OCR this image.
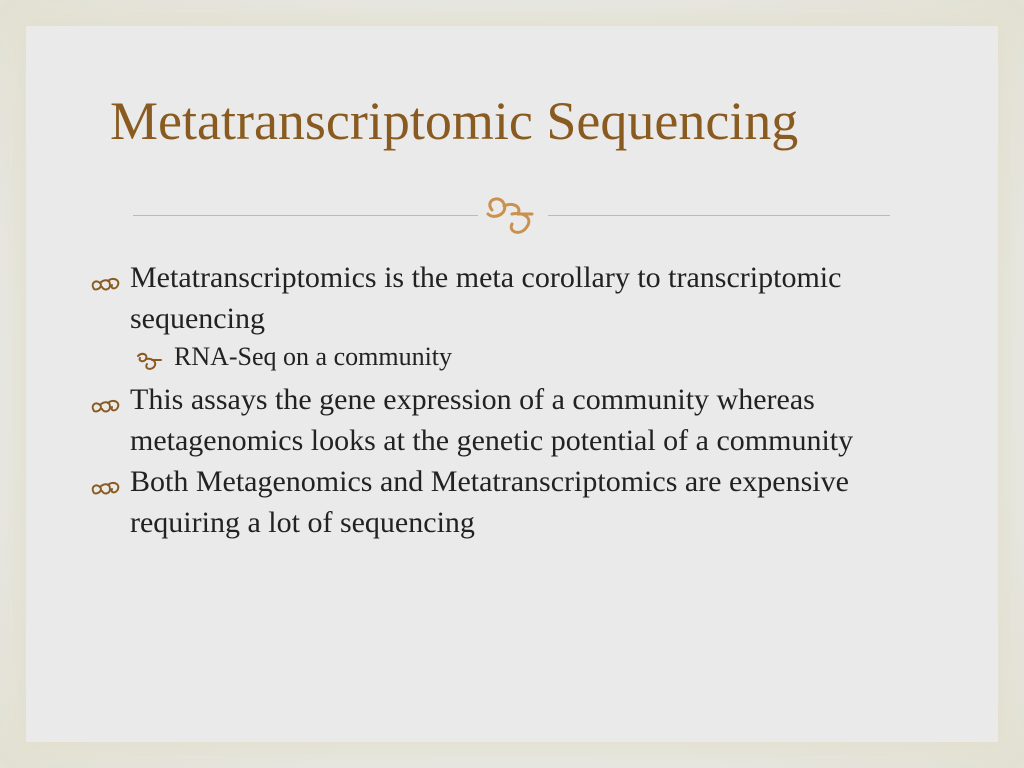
Metatranscriptomic Sequencing
Metatranscriptomics is the meta corollary to transcriptomic sequencing
RNA-Seq on a community
This assays the gene expression of a community whereas metagenomics looks at the genetic potential of a community
Both Metagenomics and Metatranscriptomics are expensive requiring a lot of sequencing
